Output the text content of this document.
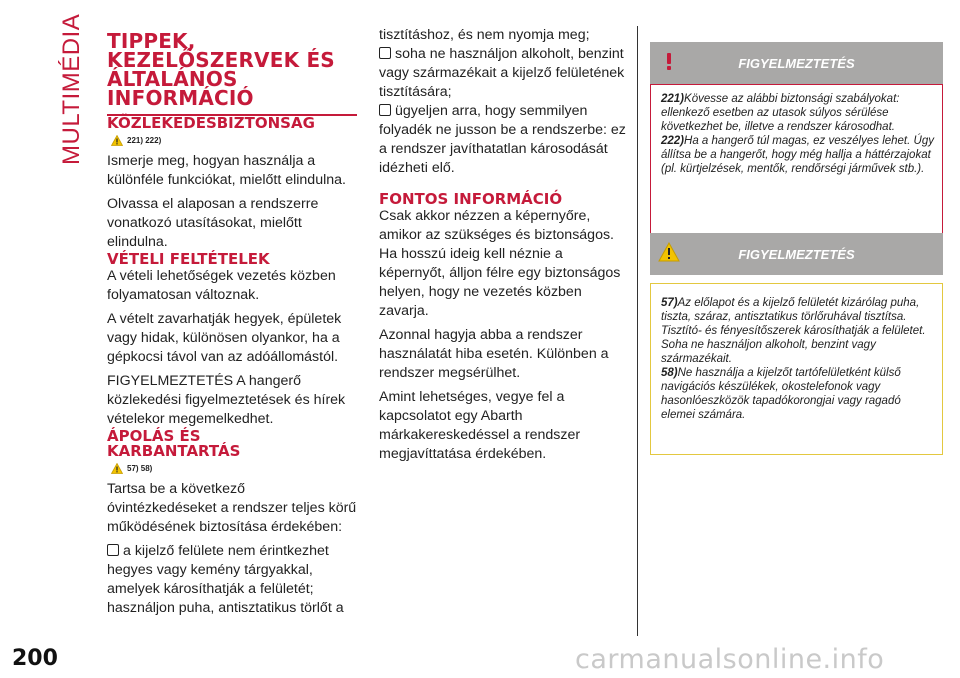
MULTIMÉDIA TIPPEK,
KEZELŐSZERVEK ÉS
ÁLTALÁNOS
INFORMÁCIÓ
KÖZLEKEDÉSBIZTONSÁG
221) 222)

Ismerje meg, hogyan használja a különféle funkciókat, mielőtt elindulna.

Olvassa el alaposan a rendszerre vonatkozó utasításokat, mielőtt elindulna.

VÉTELI FELTÉTELEK

A vételi lehetőségek vezetés közben folyamatosan változnak.

A vételt zavarhatják hegyek, épületek vagy hidak, különösen olyankor, ha a gépkocsi távol van az adóállomástól.

FIGYELMEZTETÉS A hangerő közlekedési figyelmeztetések és hírek vételekor megemelkedhet.

ÁPOLÁS ÉS
KARBANTARTÁS
57) 58)

Tartsa be a következő óvintézkedéseket a rendszer teljes körű működésének biztosítása érdekében:

a kijelző felülete nem érintkezhet hegyes vagy kemény tárgyakkal, amelyek károsíthatják a felületét; használjon puha, antisztatikus törlőt a

tisztításhoz, és nem nyomja meg;

soha ne használjon alkoholt, benzint vagy származékait a kijelző felületének tisztítására;

ügyeljen arra, hogy semmilyen folyadék ne jusson be a rendszerbe: ez a rendszer javíthatatlan károsodását idézheti elő.

FONTOS INFORMÁCIÓ

Csak akkor nézzen a képernyőre, amikor az szükséges és biztonságos. Ha hosszú ideig kell néznie a képernyőt, álljon félre egy biztonságos helyen, hogy ne vezetés közben zavarja.

Azonnal hagyja abba a rendszer használatát hiba esetén. Különben a rendszer megsérülhet.

Amint lehetséges, vegye fel a kapcsolatot egy Abarth márkakereskedéssel a rendszer megjavíttatása érdekében.

FIGYELMEZTETÉS
221)Kövesse az alábbi biztonsági szabályokat: ellenkező esetben az utasok súlyos sérülése következhet be, illetve a rendszer károsodhat.
222)Ha a hangerő túl magas, ez veszélyes lehet. Úgy állítsa be a hangerőt, hogy még hallja a háttérzajokat (pl. kürtjelzések, mentők, rendőrségi járművek stb.).
FIGYELMEZTETÉS
57)Az előlapot és a kijelző felületét kizárólag puha, tiszta, száraz, antisztatikus törlőruhával tisztítsa. Tisztító- és fényesítőszerek károsíthatják a felületet. Soha ne használjon alkoholt, benzint vagy származékait.
58)Ne használja a kijelzőt tartófelületként külső navigációs készülékek, okostelefonok vagy hasonlóeszközök tapadókorongjai vagy ragadó elemei számára.
200	carmanualsonline.info
